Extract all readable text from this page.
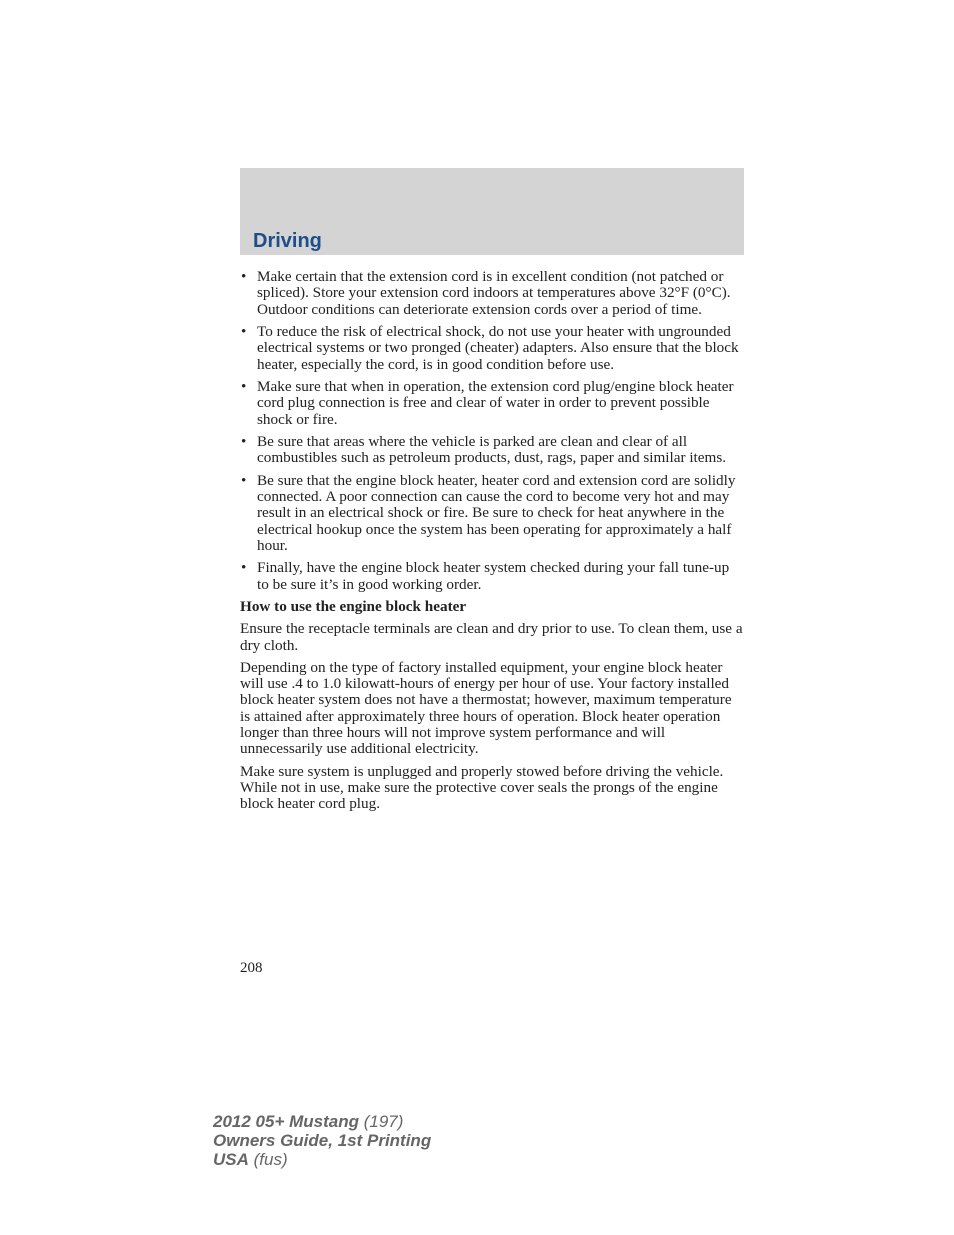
Driving
• Make certain that the extension cord is in excellent condition (not patched or spliced). Store your extension cord indoors at temperatures above 32°F (0°C). Outdoor conditions can deteriorate extension cords over a period of time.
• To reduce the risk of electrical shock, do not use your heater with ungrounded electrical systems or two pronged (cheater) adapters. Also ensure that the block heater, especially the cord, is in good condition before use.
• Make sure that when in operation, the extension cord plug/engine block heater cord plug connection is free and clear of water in order to prevent possible shock or fire.
• Be sure that areas where the vehicle is parked are clean and clear of all combustibles such as petroleum products, dust, rags, paper and similar items.
• Be sure that the engine block heater, heater cord and extension cord are solidly connected. A poor connection can cause the cord to become very hot and may result in an electrical shock or fire. Be sure to check for heat anywhere in the electrical hookup once the system has been operating for approximately a half hour.
• Finally, have the engine block heater system checked during your fall tune-up to be sure it’s in good working order.
How to use the engine block heater

Ensure the receptacle terminals are clean and dry prior to use. To clean them, use a dry cloth.

Depending on the type of factory installed equipment, your engine block heater will use .4 to 1.0 kilowatt-hours of energy per hour of use. Your factory installed block heater system does not have a thermostat; however, maximum temperature is attained after approximately three hours of operation. Block heater operation longer than three hours will not improve system performance and will unnecessarily use additional electricity.

Make sure system is unplugged and properly stowed before driving the vehicle. While not in use, make sure the protective cover seals the prongs of the engine block heater cord plug.

208
2012 05+ Mustang (197)
Owners Guide, 1st Printing
USA (fus)
